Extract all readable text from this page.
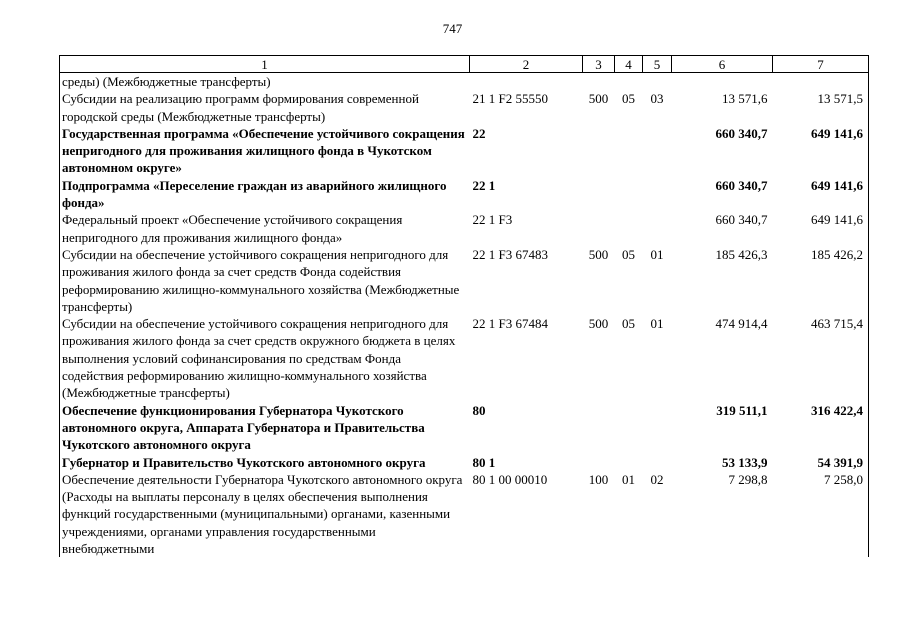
747
1	2	3	4	5	6	7
среды) (Межбюджетные трансферты)						
Субсидии на реализацию программ формирования современной городской среды (Межбюджетные трансферты)	21 1 F2 55550	500	05	03	13 571,6	13 571,5
Государственная программа «Обеспечение устойчивого сокращения непригодного для проживания жилищного фонда в Чукотском автономном округе»	22				660 340,7	649 141,6
Подпрограмма «Переселение граждан из аварийного жилищного фонда»	22 1				660 340,7	649 141,6
Федеральный проект «Обеспечение устойчивого сокращения непригодного для проживания жилищного фонда»	22 1 F3				660 340,7	649 141,6
Субсидии на обеспечение устойчивого сокращения непригодного для проживания жилого фонда за счет средств Фонда содействия реформированию жилищно-коммунального хозяйства (Межбюджетные трансферты)	22 1 F3 67483	500	05	01	185 426,3	185 426,2
Субсидии на обеспечение устойчивого сокращения непригодного для проживания жилого фонда за счет средств окружного бюджета в целях выполнения условий софинансирования по средствам Фонда содействия реформированию жилищно-коммунального хозяйства (Межбюджетные трансферты)	22 1 F3 67484	500	05	01	474 914,4	463 715,4
Обеспечение функционирования Губернатора Чукотского автономного округа, Аппарата Губернатора и Правительства Чукотского автономного округа	80				319 511,1	316 422,4
Губернатор и Правительство Чукотского автономного округа	80 1				53 133,9	54 391,9
Обеспечение деятельности Губернатора Чукотского автономного округа (Расходы на выплаты персоналу в целях обеспечения выполнения функций государственными (муниципальными) органами, казенными учреждениями, органами управления государственными внебюджетными	80 1 00 00010	100	01	02	7 298,8	7 258,0
